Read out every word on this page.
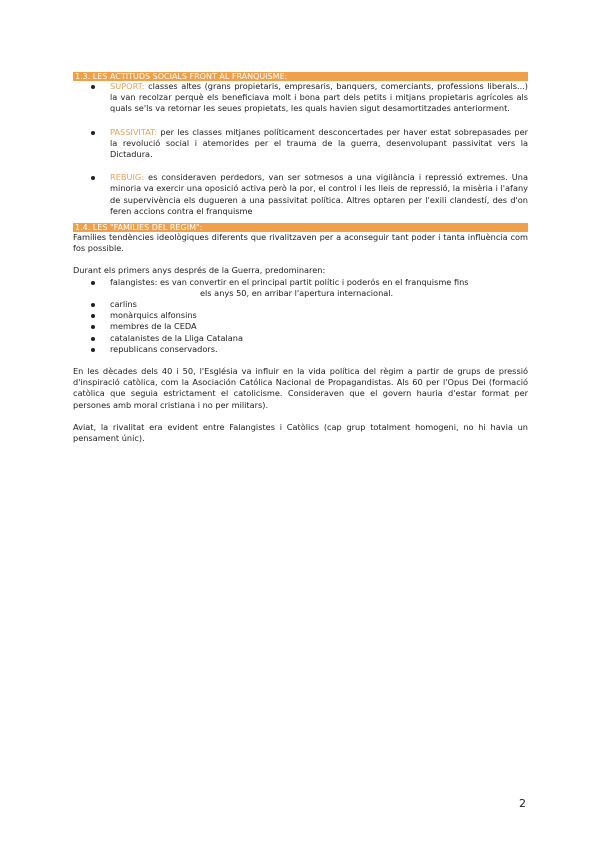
1.3. LES ACTITUDS SOCIALS FRONT AL FRANQUISME:
SUPORT: classes altes (grans propietaris, empresaris, banquers, comerciants, professions liberals...) la van recolzar perquè els beneficiava molt i bona part dels petits i mitjans propietaris agrícoles als quals se'ls va retornar les seues propietats, les quals havien sigut desamortitzades anteriorment.
PASSIVITAT: per les classes mitjanes políticament desconcertades per haver estat sobrepasades per la revolució social i atemorides per el trauma de la guerra, desenvolupant passivitat vers la Dictadura.
REBUIG: es consideraven perdedors, van ser sotmesos a una vigilància i repressió extremes. Una minoria va exercir una oposició activa però la por, el control i les lleis de repressió, la misèria i l'afany de supervivència els dugueren a una passivitat política. Altres optaren per l'exili clandestí, des d'on feren accions contra el franquisme
1.4. LES "FAMÍLIES DEL RÈGIM":

Famílies tendències ideològiques diferents que rivalitzaven per a aconseguir tant poder i tanta influència com fos possible.

Durant els primers anys després de la Guerra, predominaren:

falangistes: es van convertir en el principal partit polític i poderós en el franquisme fins
els anys 50, en arribar l'apertura internacional.
carlins
monàrquics alfonsins
membres de la CEDA
catalanistes de la Lliga Catalana
republicans conservadors.

En les dècades dels 40 i 50, l'Església va influir en la vida política del règim a partir de grups de pressió d'inspiració catòlica, com la Asociación Católica Nacional de Propagandistas. Als 60 per l'Opus Dei (formació catòlica que seguia estrictament el catolicisme. Consideraven que el govern hauria d'estar format per persones amb moral cristiana i no per militars).

Aviat, la rivalitat era evident entre Falangistes i Catòlics (cap grup totalment homogeni, no hi havia un pensament únic).

2
